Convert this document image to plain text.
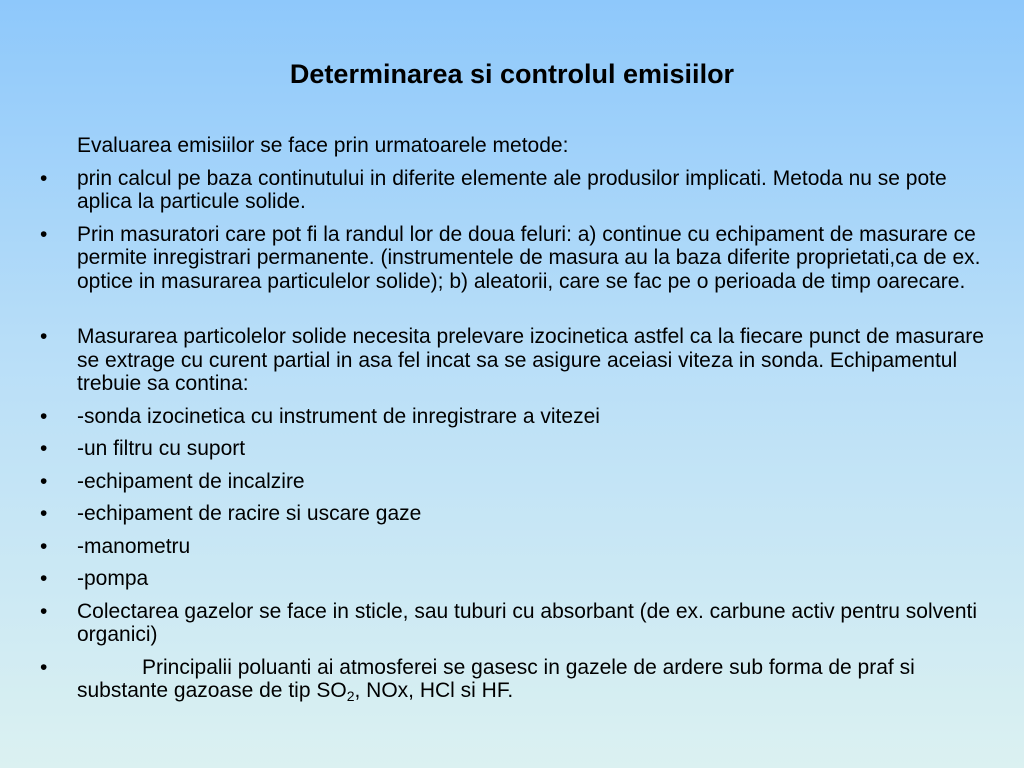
Determinarea si controlul emisiilor
Evaluarea emisiilor se face prin urmatoarele metode:
• prin calcul pe baza continutului in diferite elemente ale produsilor implicati. Metoda nu se pote aplica la particule solide.
• Prin masuratori care pot fi la randul lor de doua feluri: a) continue cu echipament de masurare ce permite inregistrari permanente. (instrumentele de masura au la baza diferite proprietati,ca de ex. optice in masurarea particulelor solide); b) aleatorii, care se fac pe o perioada de timp oarecare.
• Masurarea particolelor solide necesita prelevare izocinetica astfel ca la fiecare punct de masurare se extrage cu curent partial in asa fel incat sa se asigure aceiasi viteza in sonda. Echipamentul trebuie sa contina:
• -sonda izocinetica cu instrument de inregistrare a vitezei
• -un filtru cu suport
• -echipament de incalzire
• -echipament de racire si uscare gaze
• -manometru
• -pompa
• Colectarea gazelor se face in sticle, sau tuburi cu absorbant (de ex. carbune activ pentru solventi organici)
•	Principalii poluanti ai atmosferei se gasesc in gazele de ardere sub forma de praf si substante gazoase de tip $SO_2$, NOx, HCl si HF.
